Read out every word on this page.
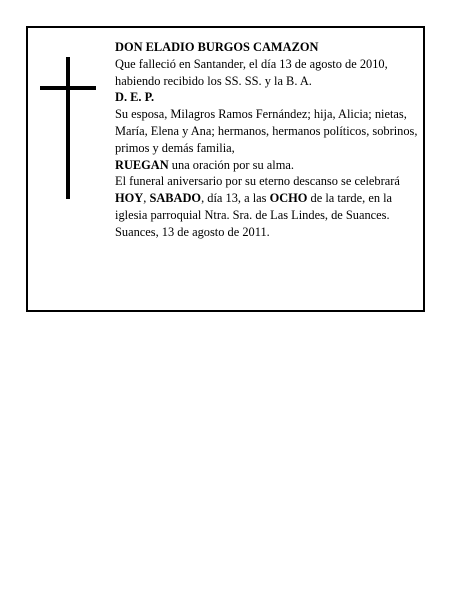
DON ELADIO BURGOS CAMAZON

Que falleció en Santander, el día 13 de agosto de 2010, habiendo recibido los SS. SS. y la B. A.

D. E. P.

Su esposa, Milagros Ramos Fernández; hija, Alicia; nietas, María, Elena y Ana; hermanos, hermanos políticos, sobrinos, primos y demás familia,

RUEGAN una oración por su alma.

El funeral aniversario por su eterno descanso se celebrará HOY, SABADO, día 13, a las OCHO de la tarde, en la iglesia parroquial Ntra. Sra. de Las Lindes, de Suances.

Suances, 13 de agosto de 2011.
